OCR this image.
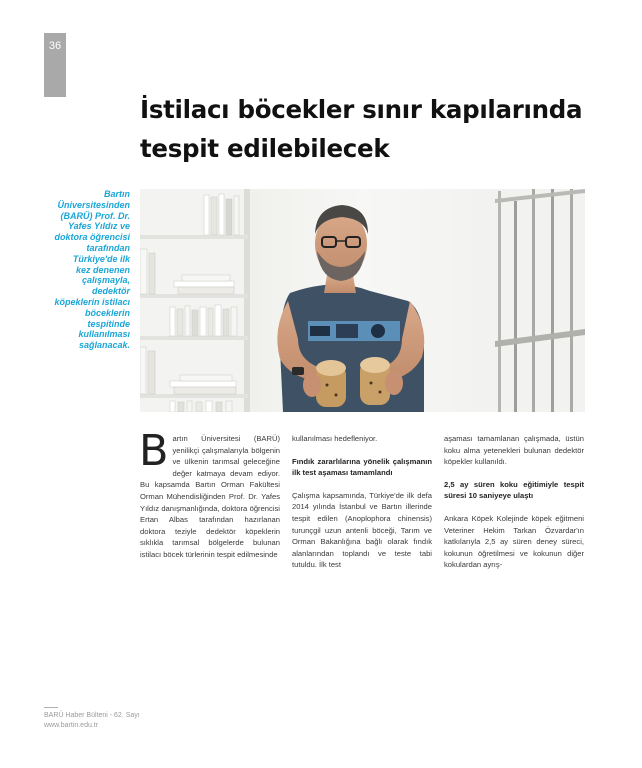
36
İstilacı böcekler sınır kapılarında
tespit edilebilecek
Bartın
Üniversitesinden
(BARÜ) Prof. Dr.
Yafes Yıldız ve
doktora öğrencisi
tarafından
Türkiye'de ilk
kez denenen
çalışmayla,
dedektör
köpeklerin istilacı
böceklerin
tespitinde
kullanılması
sağlanacak.

Bartın Üniversitesi (BARÜ) yenilikçi çalışmalarıyla bölgenin ve ülkenin tarımsal geleceğine değer katmaya devam ediyor. Bu kapsamda Bartın Orman Fakültesi Orman Mühendisliğinden Prof. Dr. Yafes Yıldız danışmanlığında, doktora öğrencisi Ertan Albas tarafından hazırlanan doktora teziyle dedektör köpeklerin sıklıkla tarımsal bölgelerde bulunan istilacı böcek türlerinin tespit edilmesinde

kullanılması hedefleniyor.

Fındık zararlılarına yönelik çalışmanın ilk test aşaması tamamlandı

Çalışma kapsamında, Türkiye'de ilk defa 2014 yılında İstanbul ve Bartın illerinde tespit edilen (Anoplophora chinensis) turunçgil uzun antenli böceği, Tarım ve Orman Bakanlığına bağlı olarak fındık alanlarından toplandı ve teste tabi tutuldu. İlk test

aşaması tamamlanan çalışmada, üstün koku alma yetenekleri bulunan dedektör köpekler kullanıldı.

2,5 ay süren koku eğitimiyle tespit süresi 10 saniyeye ulaştı

Ankara Köpek Kolejinde köpek eğitmeni Veteriner Hekim Tarkan Özvardar'ın katkılarıyla 2,5 ay süren deney süreci, kokunun öğretilmesi ve kokunun diğer kokulardan ayrış-

BARÜ Haber Bülteni - 62. Sayı
www.bartin.edu.tr
